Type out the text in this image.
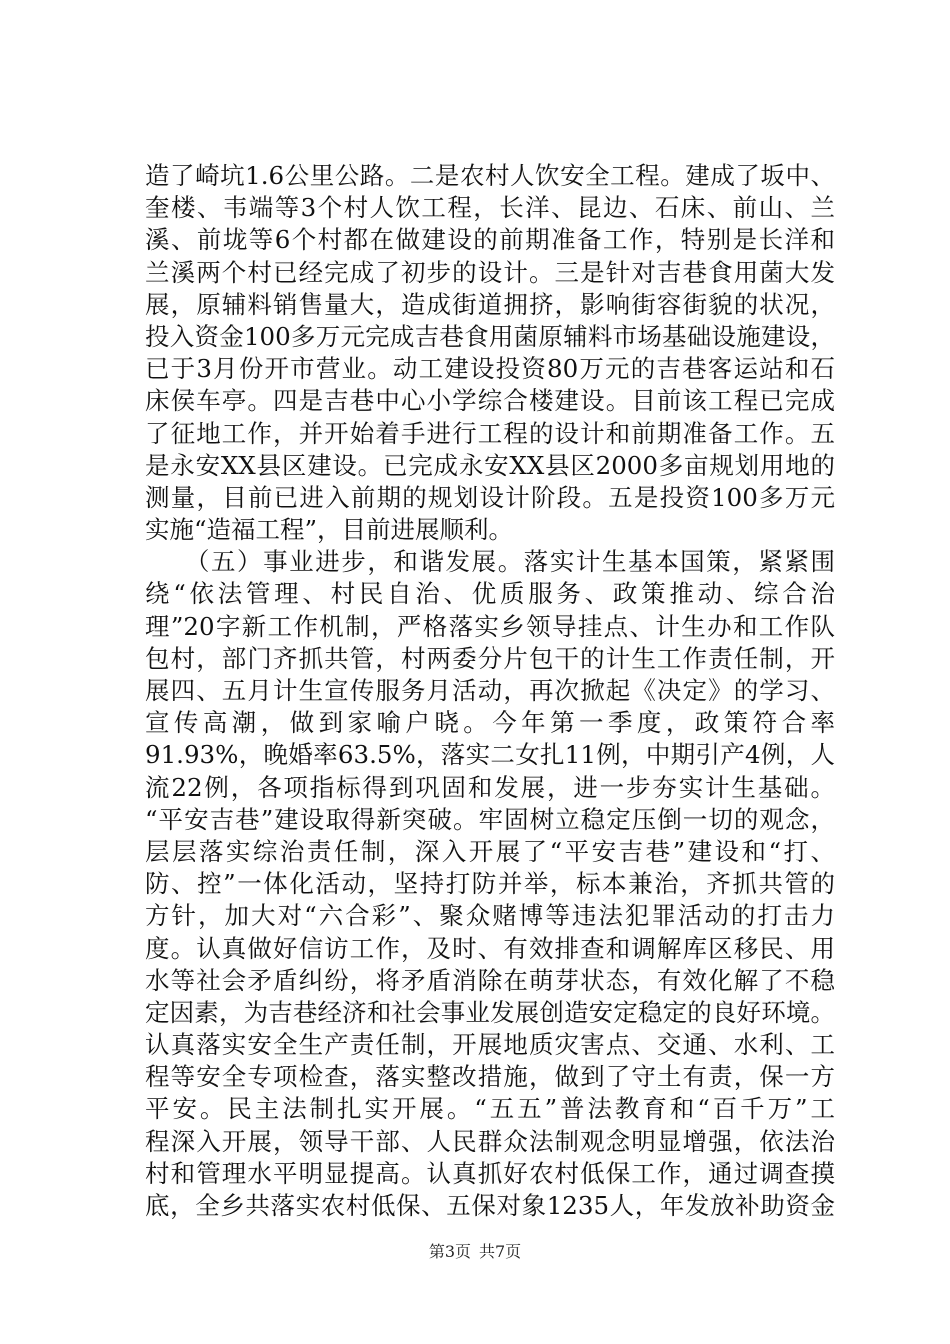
造了崎坑1.6公里公路。二是农村人饮安全工程。建成了坂中、
奎楼、韦端等3个村人饮工程，长洋、昆边、石床、前山、兰
溪、前垅等6个村都在做建设的前期准备工作，特别是长洋和
兰溪两个村已经完成了初步的设计。三是针对吉巷食用菌大发
展，原辅料销售量大，造成街道拥挤，影响街容街貌的状况，
投入资金100多万元完成吉巷食用菌原辅料市场基础设施建设，
已于3月份开市营业。动工建设投资80万元的吉巷客运站和石
床侯车亭。四是吉巷中心小学综合楼建设。目前该工程已完成
了征地工作，并开始着手进行工程的设计和前期准备工作。五
是永安XX县区建设。已完成永安XX县区2000多亩规划用地的
测量，目前已进入前期的规划设计阶段。五是投资100多万元
实施“造福工程”，目前进展顺利。
　　（五）事业进步，和谐发展。落实计生基本国策，紧紧围
绕“依法管理、村民自治、优质服务、政策推动、综合治
理”20字新工作机制，严格落实乡领导挂点、计生办和工作队
包村，部门齐抓共管，村两委分片包干的计生工作责任制，开
展四、五月计生宣传服务月活动，再次掀起《决定》的学习、
宣传高潮，做到家喻户晓。今年第一季度，政策符合率
91.93%，晚婚率63.5%，落实二女扎11例，中期引产4例，人
流22例，各项指标得到巩固和发展，进一步夯实计生基础。
“平安吉巷”建设取得新突破。牢固树立稳定压倒一切的观念，
层层落实综治责任制，深入开展了“平安吉巷”建设和“打、
防、控”一体化活动，坚持打防并举，标本兼治，齐抓共管的
方针，加大对“六合彩”、聚众赌博等违法犯罪活动的打击力
度。认真做好信访工作，及时、有效排查和调解库区移民、用
水等社会矛盾纠纷，将矛盾消除在萌芽状态，有效化解了不稳
定因素，为吉巷经济和社会事业发展创造安定稳定的良好环境。
认真落实安全生产责任制，开展地质灾害点、交通、水利、工
程等安全专项检查，落实整改措施，做到了守土有责，保一方
平安。民主法制扎实开展。“五五”普法教育和“百千万”工
程深入开展，领导干部、人民群众法制观念明显增强，依法治
村和管理水平明显提高。认真抓好农村低保工作，通过调查摸
底，全乡共落实农村低保、五保对象1235人，年发放补助资金
第3页 共7页
